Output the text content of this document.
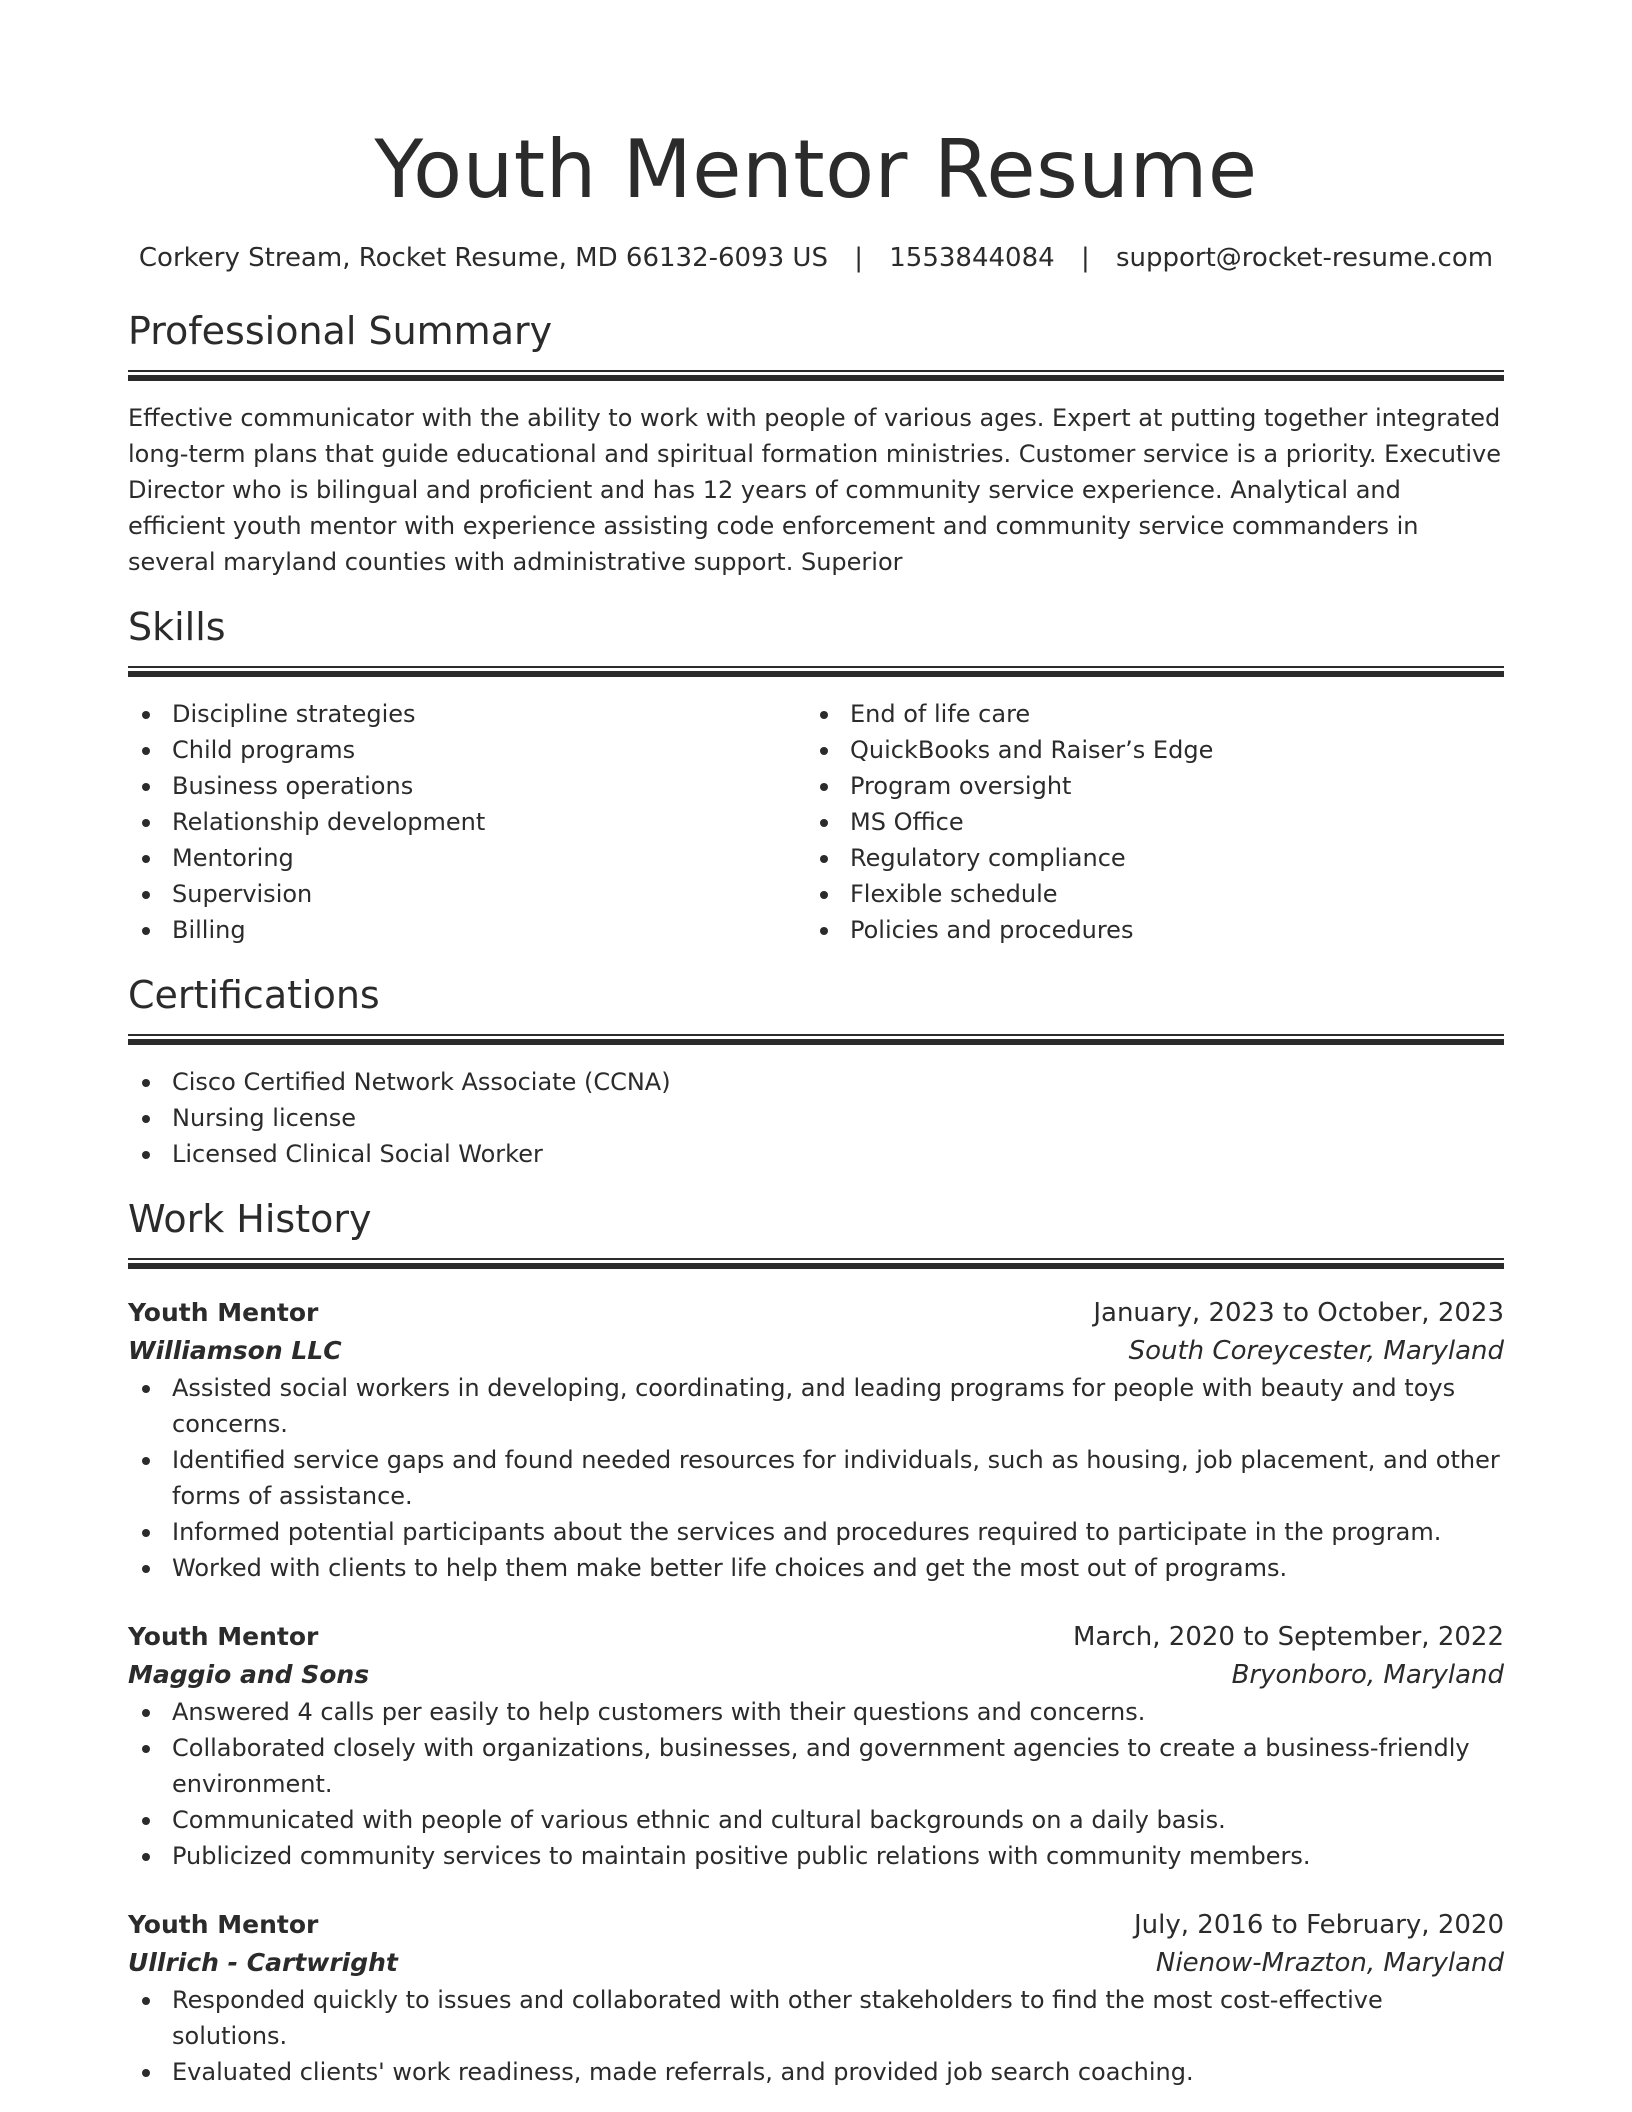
Youth Mentor Resume
Corkery Stream, Rocket Resume, MD 66132-6093 US | 1553844084 | support@rocket-resume.com
Professional Summary

Effective communicator with the ability to work with people of various ages. Expert at putting together integrated long-term plans that guide educational and spiritual formation ministries. Customer service is a priority. Executive Director who is bilingual and proficient and has 12 years of community service experience. Analytical and efficient youth mentor with experience assisting code enforcement and community service commanders in several maryland counties with administrative support. Superior

Skills
Discipline strategies
Child programs
Business operations
Relationship development
Mentoring
Supervision
Billing
End of life care
QuickBooks and Raiser’s Edge
Program oversight
MS Office
Regulatory compliance
Flexible schedule
Policies and procedures
Certifications
Cisco Certified Network Associate (CCNA)
Nursing license
Licensed Clinical Social Worker
Work History
Youth Mentor	January, 2023 to October, 2023
Williamson LLC	South Coreycester, Maryland
Assisted social workers in developing, coordinating, and leading programs for people with beauty and toys concerns.
Identified service gaps and found needed resources for individuals, such as housing, job placement, and other forms of assistance.
Informed potential participants about the services and procedures required to participate in the program.
Worked with clients to help them make better life choices and get the most out of programs.
Youth Mentor	March, 2020 to September, 2022
Maggio and Sons	Bryonboro, Maryland
Answered 4 calls per easily to help customers with their questions and concerns.
Collaborated closely with organizations, businesses, and government agencies to create a business-friendly environment.
Communicated with people of various ethnic and cultural backgrounds on a daily basis.
Publicized community services to maintain positive public relations with community members.
Youth Mentor	July, 2016 to February, 2020
Ullrich - Cartwright	Nienow-Mrazton, Maryland
Responded quickly to issues and collaborated with other stakeholders to find the most cost-effective solutions.
Evaluated clients' work readiness, made referrals, and provided job search coaching.
